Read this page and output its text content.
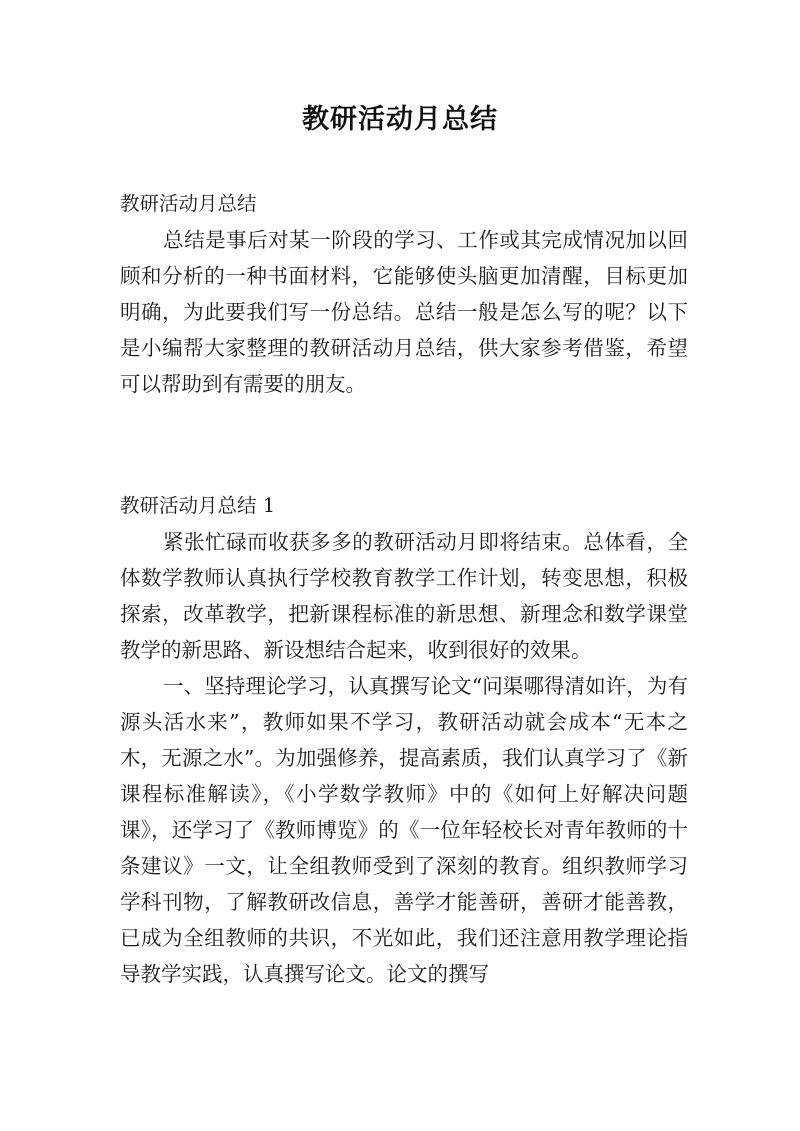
教研活动月总结

教研活动月总结

总结是事后对某一阶段的学习、工作或其完成情况加以回顾和分析的一种书面材料，它能够使头脑更加清醒，目标更加明确，为此要我们写一份总结。总结一般是怎么写的呢？以下是小编帮大家整理的教研活动月总结，供大家参考借鉴，希望可以帮助到有需要的朋友。

教研活动月总结 1

紧张忙碌而收获多多的教研活动月即将结束。总体看，全体数学教师认真执行学校教育教学工作计划，转变思想，积极探索，改革教学，把新课程标准的新思想、新理念和数学课堂教学的新思路、新设想结合起来，收到很好的效果。

一、坚持理论学习，认真撰写论文“问渠哪得清如许，为有源头活水来”，教师如果不学习，教研活动就会成本“无本之木，无源之水”。为加强修养，提高素质，我们认真学习了《新课程标准解读》，《小学数学教师》中的《如何上好解决问题课》，还学习了《教师博览》的《一位年轻校长对青年教师的十条建议》一文，让全组教师受到了深刻的教育。组织教师学习学科刊物，了解教研改信息，善学才能善研，善研才能善教，已成为全组教师的共识，不光如此，我们还注意用教学理论指导教学实践，认真撰写论文。论文的撰写
